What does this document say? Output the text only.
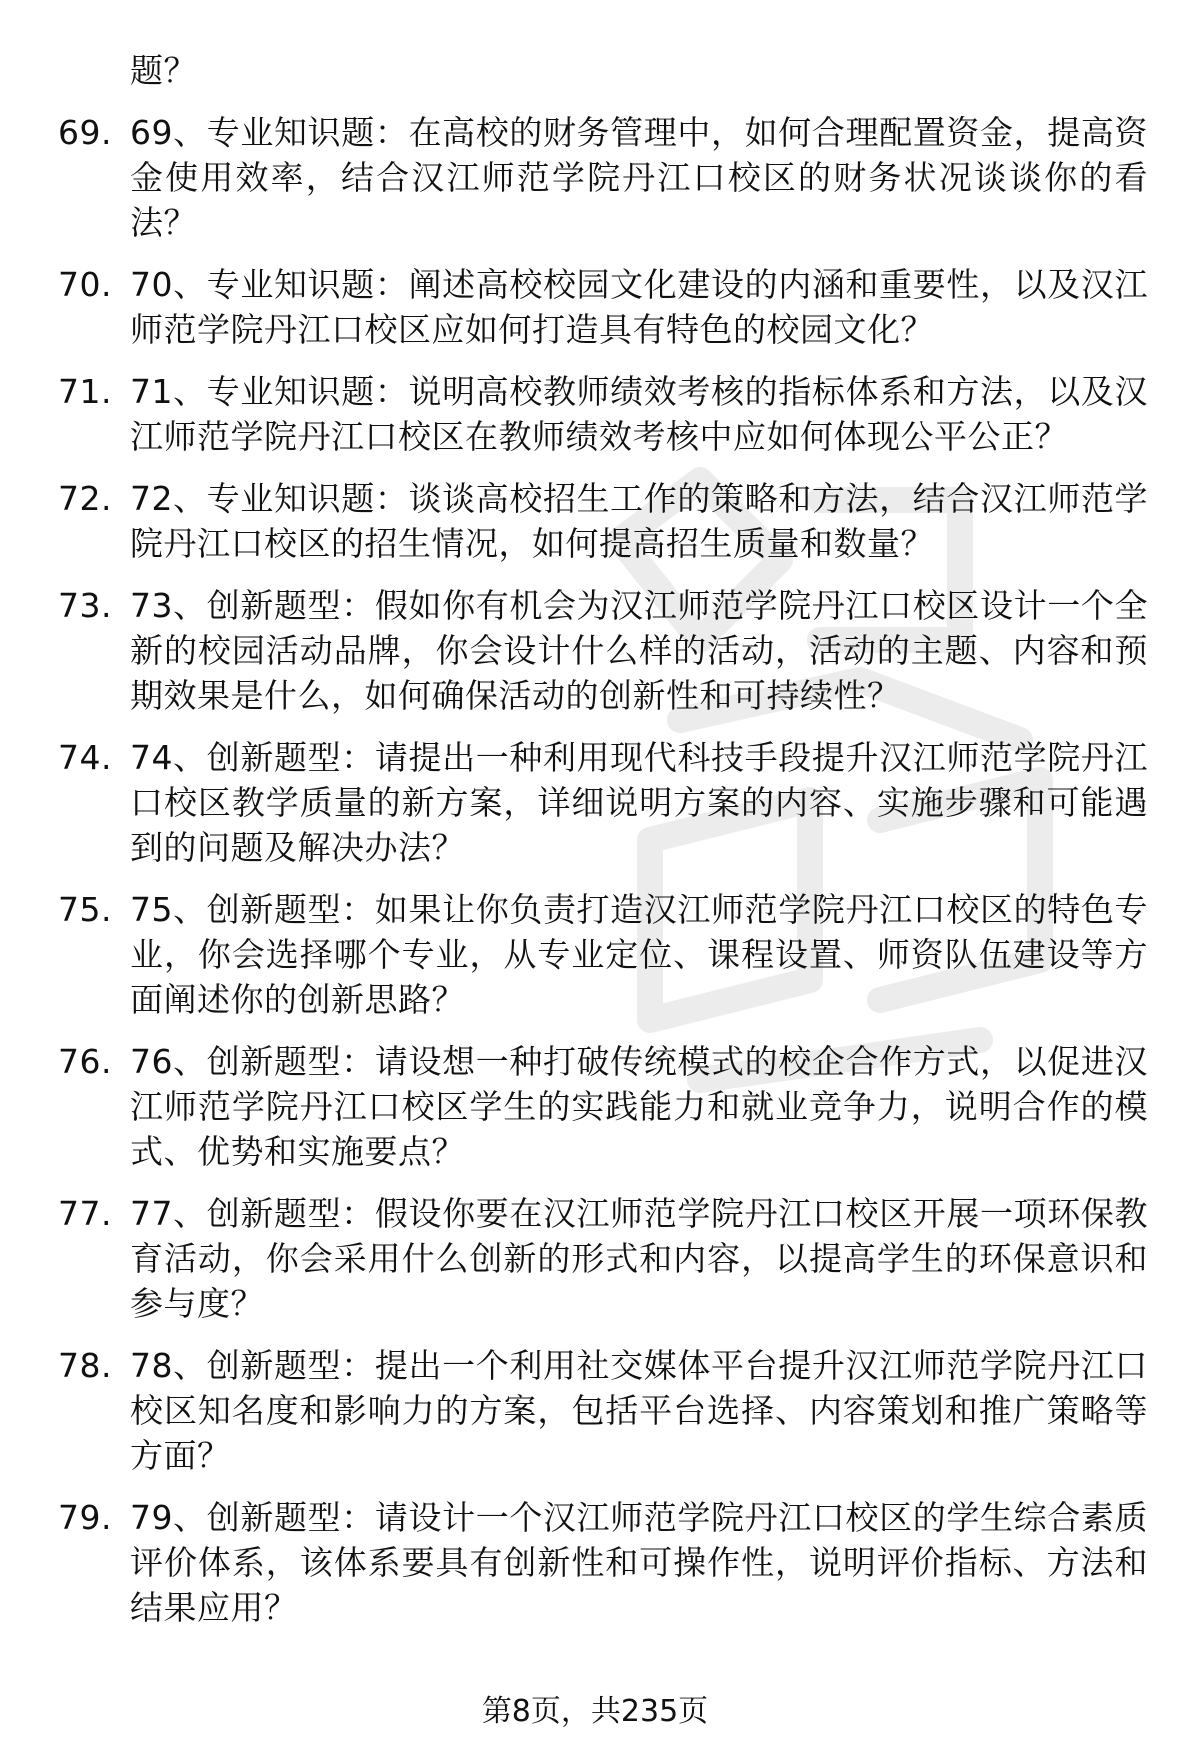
题？

69. 69、专业知识题：在高校的财务管理中，如何合理配置资金，提高资金使用效率，结合汉江师范学院丹江口校区的财务状况谈谈你的看法？
70. 70、专业知识题：阐述高校校园文化建设的内涵和重要性，以及汉江师范学院丹江口校区应如何打造具有特色的校园文化？
71. 71、专业知识题：说明高校教师绩效考核的指标体系和方法，以及汉江师范学院丹江口校区在教师绩效考核中应如何体现公平公正？
72. 72、专业知识题：谈谈高校招生工作的策略和方法，结合汉江师范学院丹江口校区的招生情况，如何提高招生质量和数量？
73. 73、创新题型：假如你有机会为汉江师范学院丹江口校区设计一个全新的校园活动品牌，你会设计什么样的活动，活动的主题、内容和预期效果是什么，如何确保活动的创新性和可持续性？
74. 74、创新题型：请提出一种利用现代科技手段提升汉江师范学院丹江口校区教学质量的新方案，详细说明方案的内容、实施步骤和可能遇到的问题及解决办法？
75. 75、创新题型：如果让你负责打造汉江师范学院丹江口校区的特色专业，你会选择哪个专业，从专业定位、课程设置、师资队伍建设等方面阐述你的创新思路？
76. 76、创新题型：请设想一种打破传统模式的校企合作方式，以促进汉江师范学院丹江口校区学生的实践能力和就业竞争力，说明合作的模式、优势和实施要点？
77. 77、创新题型：假设你要在汉江师范学院丹江口校区开展一项环保教育活动，你会采用什么创新的形式和内容，以提高学生的环保意识和参与度？
78. 78、创新题型：提出一个利用社交媒体平台提升汉江师范学院丹江口校区知名度和影响力的方案，包括平台选择、内容策划和推广策略等方面？
79. 79、创新题型：请设计一个汉江师范学院丹江口校区的学生综合素质评价体系，该体系要具有创新性和可操作性，说明评价指标、方法和结果应用？
第8页，共235页
